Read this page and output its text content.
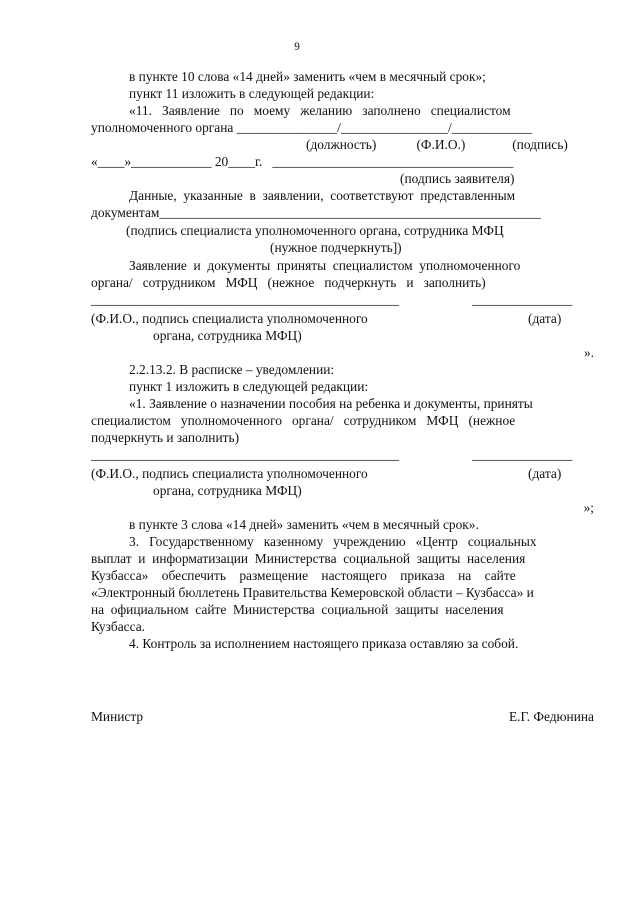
9
в пункте 10 слова «14 дней» заменить «чем в месячный срок»;
пункт 11 изложить в следующей редакции:
«11.   Заявление   по   моему   желанию   заполнено   специалистом
уполномоченного органа _______________/________________/____________
(должность)            (Ф.И.О.)              (подпись)
«____»____________ 20____г.   ____________________________________
(подпись заявителя)
Данные,  указанные  в  заявлении,  соответствуют  представленным
документам_________________________________________________________
(подпись специалиста уполномоченного органа, сотрудника МФЦ
(нужное подчеркнуть])
Заявление  и  документы  приняты  специалистом  уполномоченного
органа/   сотрудником   МФЦ   (нежное   подчеркнуть   и   заполнить)
______________________________________________	_______________
(Ф.И.О., подпись специалиста уполномоченного	(дата)
органа, сотрудника МФЦ)
».
2.2.13.2. В расписке – уведомлении:
пункт 1 изложить в следующей редакции:
«1. Заявление о назначении пособия на ребенка и документы, приняты
специалистом   уполномоченного   органа/   сотрудником   МФЦ   (нежное
подчеркнуть и заполнить)
______________________________________________	_______________
(Ф.И.О., подпись специалиста уполномоченного	(дата)
органа, сотрудника МФЦ)
»;
в пункте 3 слова «14 дней» заменить «чем в месячный срок».
3.   Государственному   казенному   учреждению   «Центр   социальных
выплат  и  информатизации  Министерства  социальной  защиты  населения
Кузбасса»    обеспечить    размещение    настоящего    приказа    на    сайте
«Электронный бюллетень Правительства Кемеровской области – Кузбасса» и
на  официальном  сайте  Министерства  социальной  защиты  населения
Кузбасса.
4. Контроль за исполнением настоящего приказа оставляю за собой.
Министр	Е.Г. Федюнина
